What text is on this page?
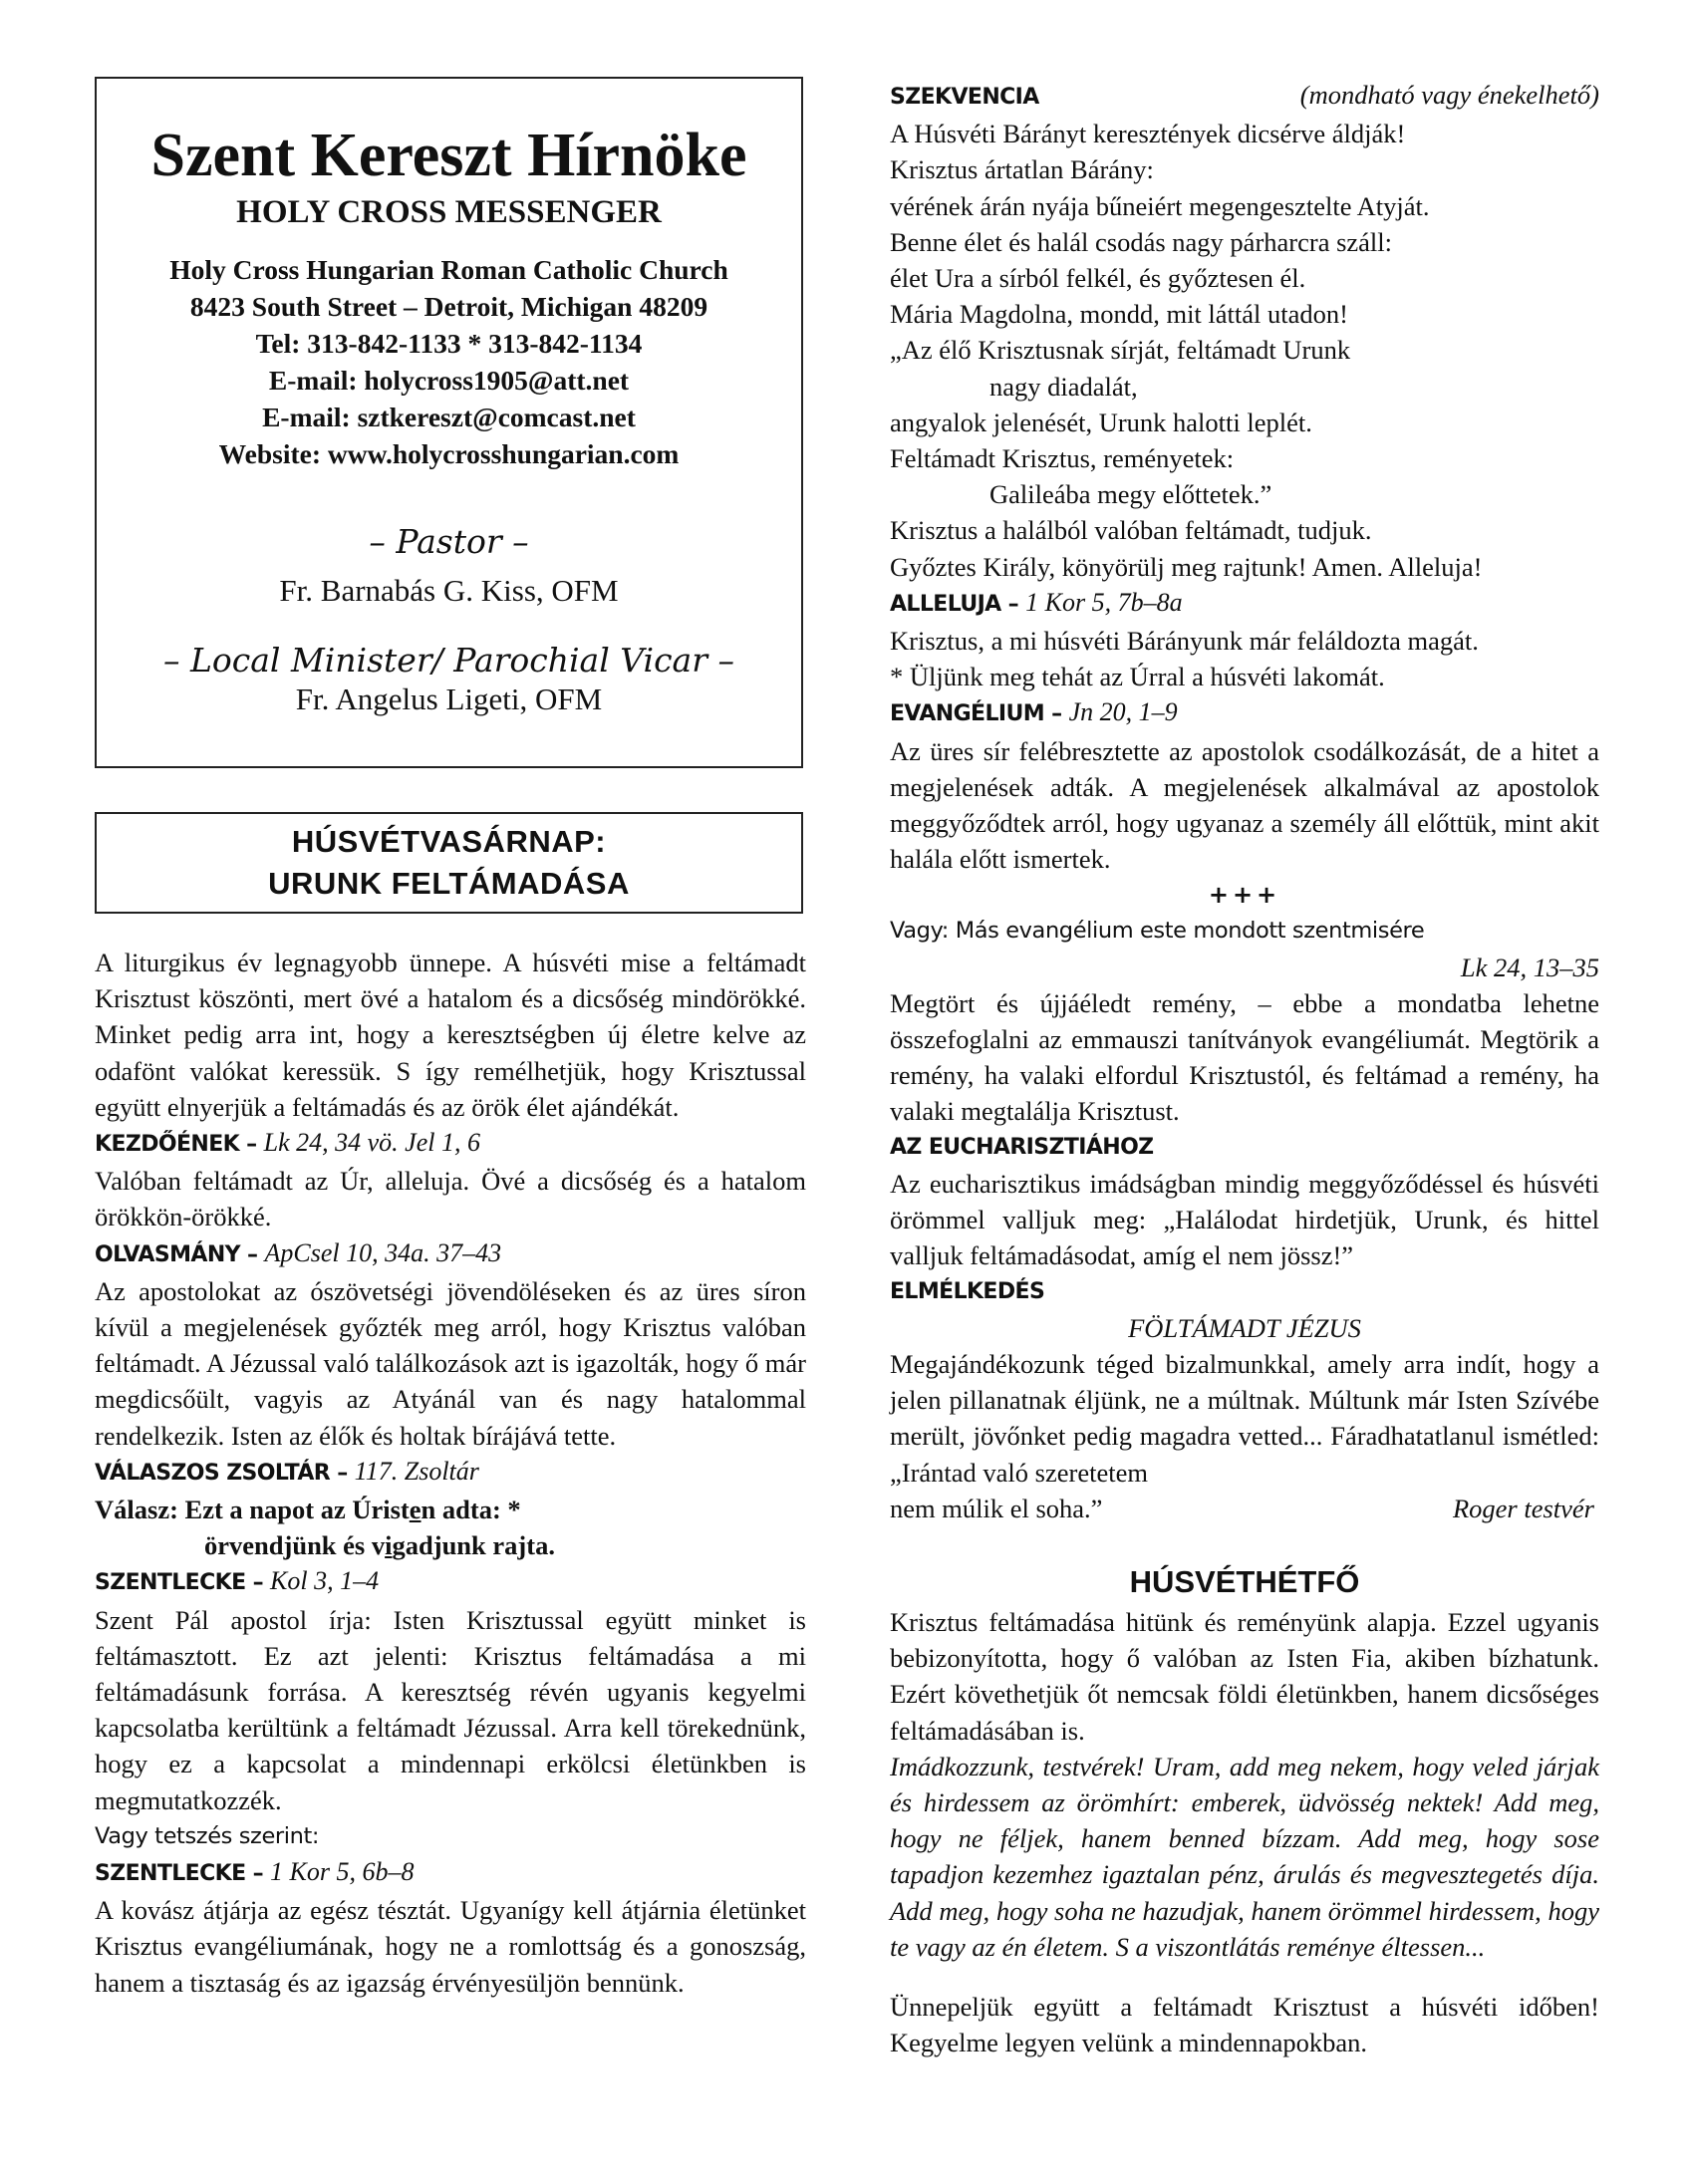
Szent Kereszt Hírnöke
HOLY CROSS MESSENGER
Holy Cross Hungarian Roman Catholic Church
8423 South Street – Detroit, Michigan 48209
Tel: 313-842-1133 * 313-842-1134
E-mail: holycross1905@att.net
E-mail: sztkereszt@comcast.net
Website: www.holycrosshungarian.com
– Pastor –
Fr. Barnabás G. Kiss, OFM
– Local Minister/ Parochial Vicar –
Fr. Angelus Ligeti, OFM
HÚSVÉTVASÁRNAP:
URUNK FELTÁMADÁSA

A liturgikus év legnagyobb ünnepe. A húsvéti mise a feltámadt Krisztust köszönti, mert övé a hatalom és a dicsőség mindörökké. Minket pedig arra int, hogy a keresztségben új életre kelve az odafönt valókat keressük. S így remélhetjük, hogy Krisztussal együtt elnyerjük a feltámadás és az örök élet ajándékát.

KEZDŐÉNEK – Lk 24, 34 vö. Jel 1, 6

Valóban feltámadt az Úr, alleluja. Övé a dicsőség és a hatalom örökkön-örökké.

OLVASMÁNY – ApCsel 10, 34a. 37–43

Az apostolokat az ószövetségi jövendöléseken és az üres síron kívül a megjelenések győzték meg arról, hogy Krisztus valóban feltámadt. A Jézussal való találkozások azt is igazolták, hogy ő már megdicsőült, vagyis az Atyánál van és nagy hatalommal rendelkezik. Isten az élők és holtak bírájává tette.

VÁLASZOS ZSOLTÁR – 117. Zsoltár

Válasz: Ezt a napot az Úristen adta: *
örvendjünk és vigadjunk rajta.

SZENTLECKE – Kol 3, 1–4

Szent Pál apostol írja: Isten Krisztussal együtt minket is feltámasztott. Ez azt jelenti: Krisztus feltámadása a mi feltámadásunk forrása. A keresztség révén ugyanis kegyelmi kapcsolatba kerültünk a feltámadt Jézussal. Arra kell törekednünk, hogy ez a kapcsolat a mindennapi erkölcsi életünkben is megmutatkozzék.

Vagy tetszés szerint:

SZENTLECKE – 1 Kor 5, 6b–8

A kovász átjárja az egész tésztát. Ugyanígy kell átjárnia életünket Krisztus evangéliumának, hogy ne a romlottság és a gonoszság, hanem a tisztaság és az igazság érvényesüljön bennünk.

SZEKVENCIA	(mondható vagy énekelhető)
A Húsvéti Bárányt keresztények dicsérve áldják!
Krisztus ártatlan Bárány:
vérének árán nyája bűneiért megengesztelte Atyját.
Benne élet és halál csodás nagy párharcra száll:
élet Ura a sírból felkél, és győztesen él.
Mária Magdolna, mondd, mit láttál utadon!
„Az élő Krisztusnak sírját, feltámadt Urunk
nagy diadalát,
angyalok jelenését, Urunk halotti leplét.
Feltámadt Krisztus, reményetek:
Galileába megy előttetek.”
Krisztus a halálból valóban feltámadt, tudjuk.
Győztes Király, könyörülj meg rajtunk! Amen. Alleluja!

ALLELUJA – 1 Kor 5, 7b–8a

Krisztus, a mi húsvéti Bárányunk már feláldozta magát.
* Üljünk meg tehát az Úrral a húsvéti lakomát.

EVANGÉLIUM – Jn 20, 1–9

Az üres sír felébresztette az apostolok csodálkozását, de a hitet a megjelenések adták. A megjelenések alkalmával az apostolok meggyőződtek arról, hogy ugyanaz a személy áll előttük, mint akit halála előtt ismertek.

+++

Vagy: Más evangélium este mondott szentmisére

Lk 24, 13–35

Megtört és újjáéledt remény, – ebbe a mondatba lehetne összefoglalni az emmauszi tanítványok evangéliumát. Megtörik a remény, ha valaki elfordul Krisztustól, és feltámad a remény, ha valaki megtalálja Krisztust.

AZ EUCHARISZTIÁHOZ

Az eucharisztikus imádságban mindig meggyőződéssel és húsvéti örömmel valljuk meg: „Halálodat hirdetjük, Urunk, és hittel valljuk feltámadásodat, amíg el nem jössz!”

ELMÉLKEDÉS

FÖLTÁMADT JÉZUS

Megajándékozunk téged bizalmunkkal, amely arra indít, hogy a jelen pillanatnak éljünk, ne a múltnak. Múltunk már Isten Szívébe merült, jövőnket pedig magadra vetted... Fáradhatatlanul ismétled: „Irántad való szeretetem

nem múlik el soha.”	Roger testvér

HÚSVÉTHÉTFŐ

Krisztus feltámadása hitünk és reményünk alapja. Ezzel ugyanis bebizonyította, hogy ő valóban az Isten Fia, akiben bízhatunk. Ezért követhetjük őt nemcsak földi életünkben, hanem dicsőséges feltámadásában is.

Imádkozzunk, testvérek! Uram, add meg nekem, hogy veled járjak és hirdessem az örömhírt: emberek, üdvösség nektek! Add meg, hogy ne féljek, hanem benned bízzam. Add meg, hogy sose tapadjon kezemhez igaztalan pénz, árulás és megvesztegetés díja. Add meg, hogy soha ne hazudjak, hanem örömmel hirdessem, hogy te vagy az én életem. S a viszontlátás reménye éltessen...

Ünnepeljük együtt a feltámadt Krisztust a húsvéti időben! Kegyelme legyen velünk a mindennapokban.
